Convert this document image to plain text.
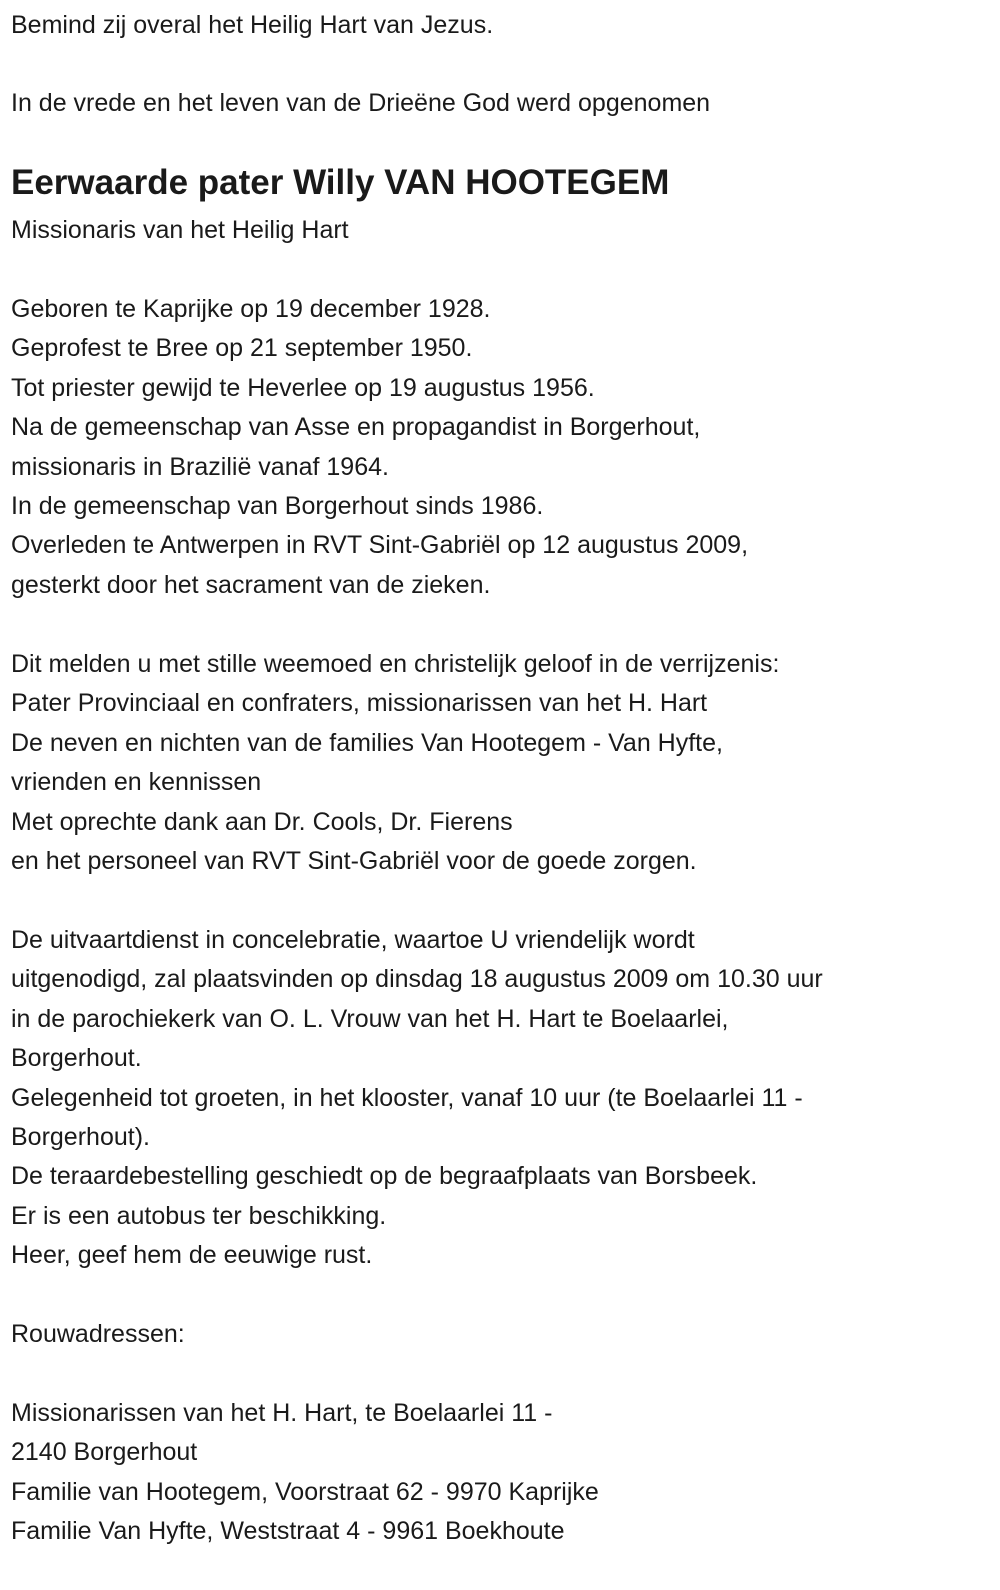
Bemind zij overal het Heilig Hart van Jezus.
In de vrede en het leven van de Drieëne God werd opgenomen
Eerwaarde pater Willy VAN HOOTEGEM
Missionaris van het Heilig Hart
Geboren te Kaprijke op 19 december 1928.
Geprofest te Bree op 21 september 1950.
Tot priester gewijd te Heverlee op 19 augustus 1956.
Na de gemeenschap van Asse en propagandist in Borgerhout,
missionaris in Brazilië vanaf 1964.
In de gemeenschap van Borgerhout sinds 1986.
Overleden te Antwerpen in RVT Sint-Gabriël op 12 augustus 2009,
gesterkt door het sacrament van de zieken.
Dit melden u met stille weemoed en christelijk geloof in de verrijzenis:
Pater Provinciaal en confraters, missionarissen van het H. Hart
De neven en nichten van de families Van Hootegem - Van Hyfte,
vrienden en kennissen
Met oprechte dank aan Dr. Cools, Dr. Fierens
en het personeel van RVT Sint-Gabriël voor de goede zorgen.
De uitvaartdienst in concelebratie, waartoe U vriendelijk wordt
uitgenodigd, zal plaatsvinden op dinsdag 18 augustus 2009 om 10.30 uur
in de parochiekerk van O. L. Vrouw van het H. Hart te Boelaarlei,
Borgerhout.
Gelegenheid tot groeten, in het klooster, vanaf 10 uur (te Boelaarlei 11 -
Borgerhout).
De teraardebestelling geschiedt op de begraafplaats van Borsbeek.
Er is een autobus ter beschikking.
Heer, geef hem de eeuwige rust.
Rouwadressen:
Missionarissen van het H. Hart, te Boelaarlei 11 -
2140 Borgerhout
Familie van Hootegem, Voorstraat 62 - 9970 Kaprijke
Familie Van Hyfte, Weststraat 4 - 9961 Boekhoute
